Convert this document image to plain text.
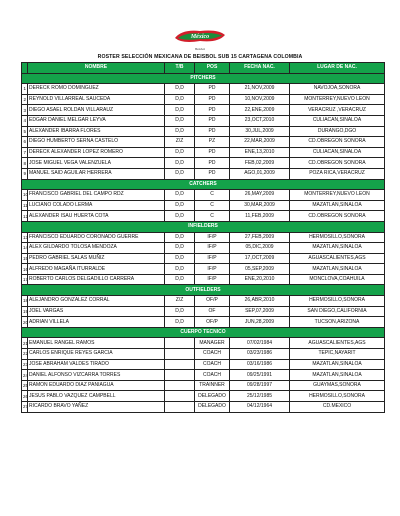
México
Béisbol
ROSTER SELECCIÓN MEXICANA DE BEISBOL SUB 15 CARTAGENA COLOMBIA
	NOMBRE	T/B	POS	FECHA NAC.	LUGAR DE NAC.
PITCHERS					
1	DERECK ROMO DOMINGUEZ	D,D	PD	21,NOV,2009	NAVOJOA,SONORA
2	REYNOLD VILLARREAL SAUCEDA	D,D	PD	10,NOV,2009	MONTERREY,NUEVO LEON
3	DIEGO ASAEL ROLDAN VILLARAUZ	D,D	PD	22,ENE,2009	VERACRUZ ,VERACRUZ
4	EDGAR DANIEL MELGAR LEYVA	D,D	PD	23,OCT,2010	CULIACAN,SINALOA
5	ALEXANDER IBARRA FLORES	D,D	PD	30,JUL,2009	DURANGO,DGO
6	DIEGO HUMBERTO SERNA CASTELO	Z/Z	PZ	22,MAR,2009	CD.OBREGON SONORA
7	DERECK ALEXANDER LOPEZ ROMERO	D,D	PD	ENE,13,2010	CULIACAN,SINALOA
8	JOSE MIGUEL VEGA VALENZUELA	D,D	PD	FEB,02,2009	CD.OBREGON SONORA
9	MANUEL SAID AGUILAR HERRERA	D,D	PD	AGO,01,2009	POZA RICA,VERACRUZ
CATCHERS					
10	FRANCISCO GABRIEL DEL CAMPO RDZ	D,D	C	26,MAY,2009	MONTERREY,NUEVO LEON
11	LUCIANO COLADO LERMA	D,D	C	30,MAR,2009	MAZATLAN,SINALOA
12	ALEXANDER ISAU HUERTA COTA	D,D	C	11,FEB,2009	CD.OBREGON SONORA
INFIELDERS					
13	FRANCISCO EDUARDO CORONADO GUERRE	D,D	IF/P	27,FEB,2009	HERMOSILLO,SONORA
14	ALEX GILDARDO TOLOSA MENDOZA	D,D	IF/P	05,DIC,2009	MAZATLAN,SINALOA
15	PEDRO GABRIEL SALAS MUÑIZ	D,D	IF/P	17,OCT,2009	AGUASCALIENTES,AGS
16	ALFREDO MAGAÑA ITURRALDE	D,D	IF/P	05,SEP,2009	MAZATLAN,SINALOA
17	ROBERTO CARLOS DELGADILLO CARRERA	D,D	IF/P	ENE,20,2010	MONCLOVA,COAHUILA
OUTFIELDERS					
18	ALEJANDRO GONZALEZ CORRAL	Z/Z	OF/P	26,ABR,2010	HERMOSILLO,SONORA
19	JOEL VARGAS	D,D	OF	SEP,07,2009	SAN DIEGO,CALIFORNIA
20	ADRIAN VILLELA	D,D	OF/P	JUN,28,2009	TUCSON,ARIZONA
CUERPO TECNICO					
21	EMANUEL RANGEL RAMOS		MANAGER	07/02/1984	AGUASCALIENTES,AGS
22	CARLOS ENRIQUE REYES GARCIA		COACH	03/23/1986	TEPIC,NAYARIT
23	JOSE ABRAHAM VALDES TIRADO		COACH	03/16/1986	MAZATLAN,SINALOA
24	DANIEL ALFONSO VIZCARRA TORRES		COACH	09/25/1991	MAZATLAN,SINALOA
25	RAMON EDUARDO DIAZ PANIAGUA		TRAINNER	09/28/1997	GUAYMAS,SONORA
26	JESUS PABLO VAZQUEZ CAMPBELL		DELEGADO	25/12/1985	HERMOSILLO,SONORA
27	RICARDO BRAVO YAÑEZ		DELEGADO	04/12/1964	CD.MEXICO
